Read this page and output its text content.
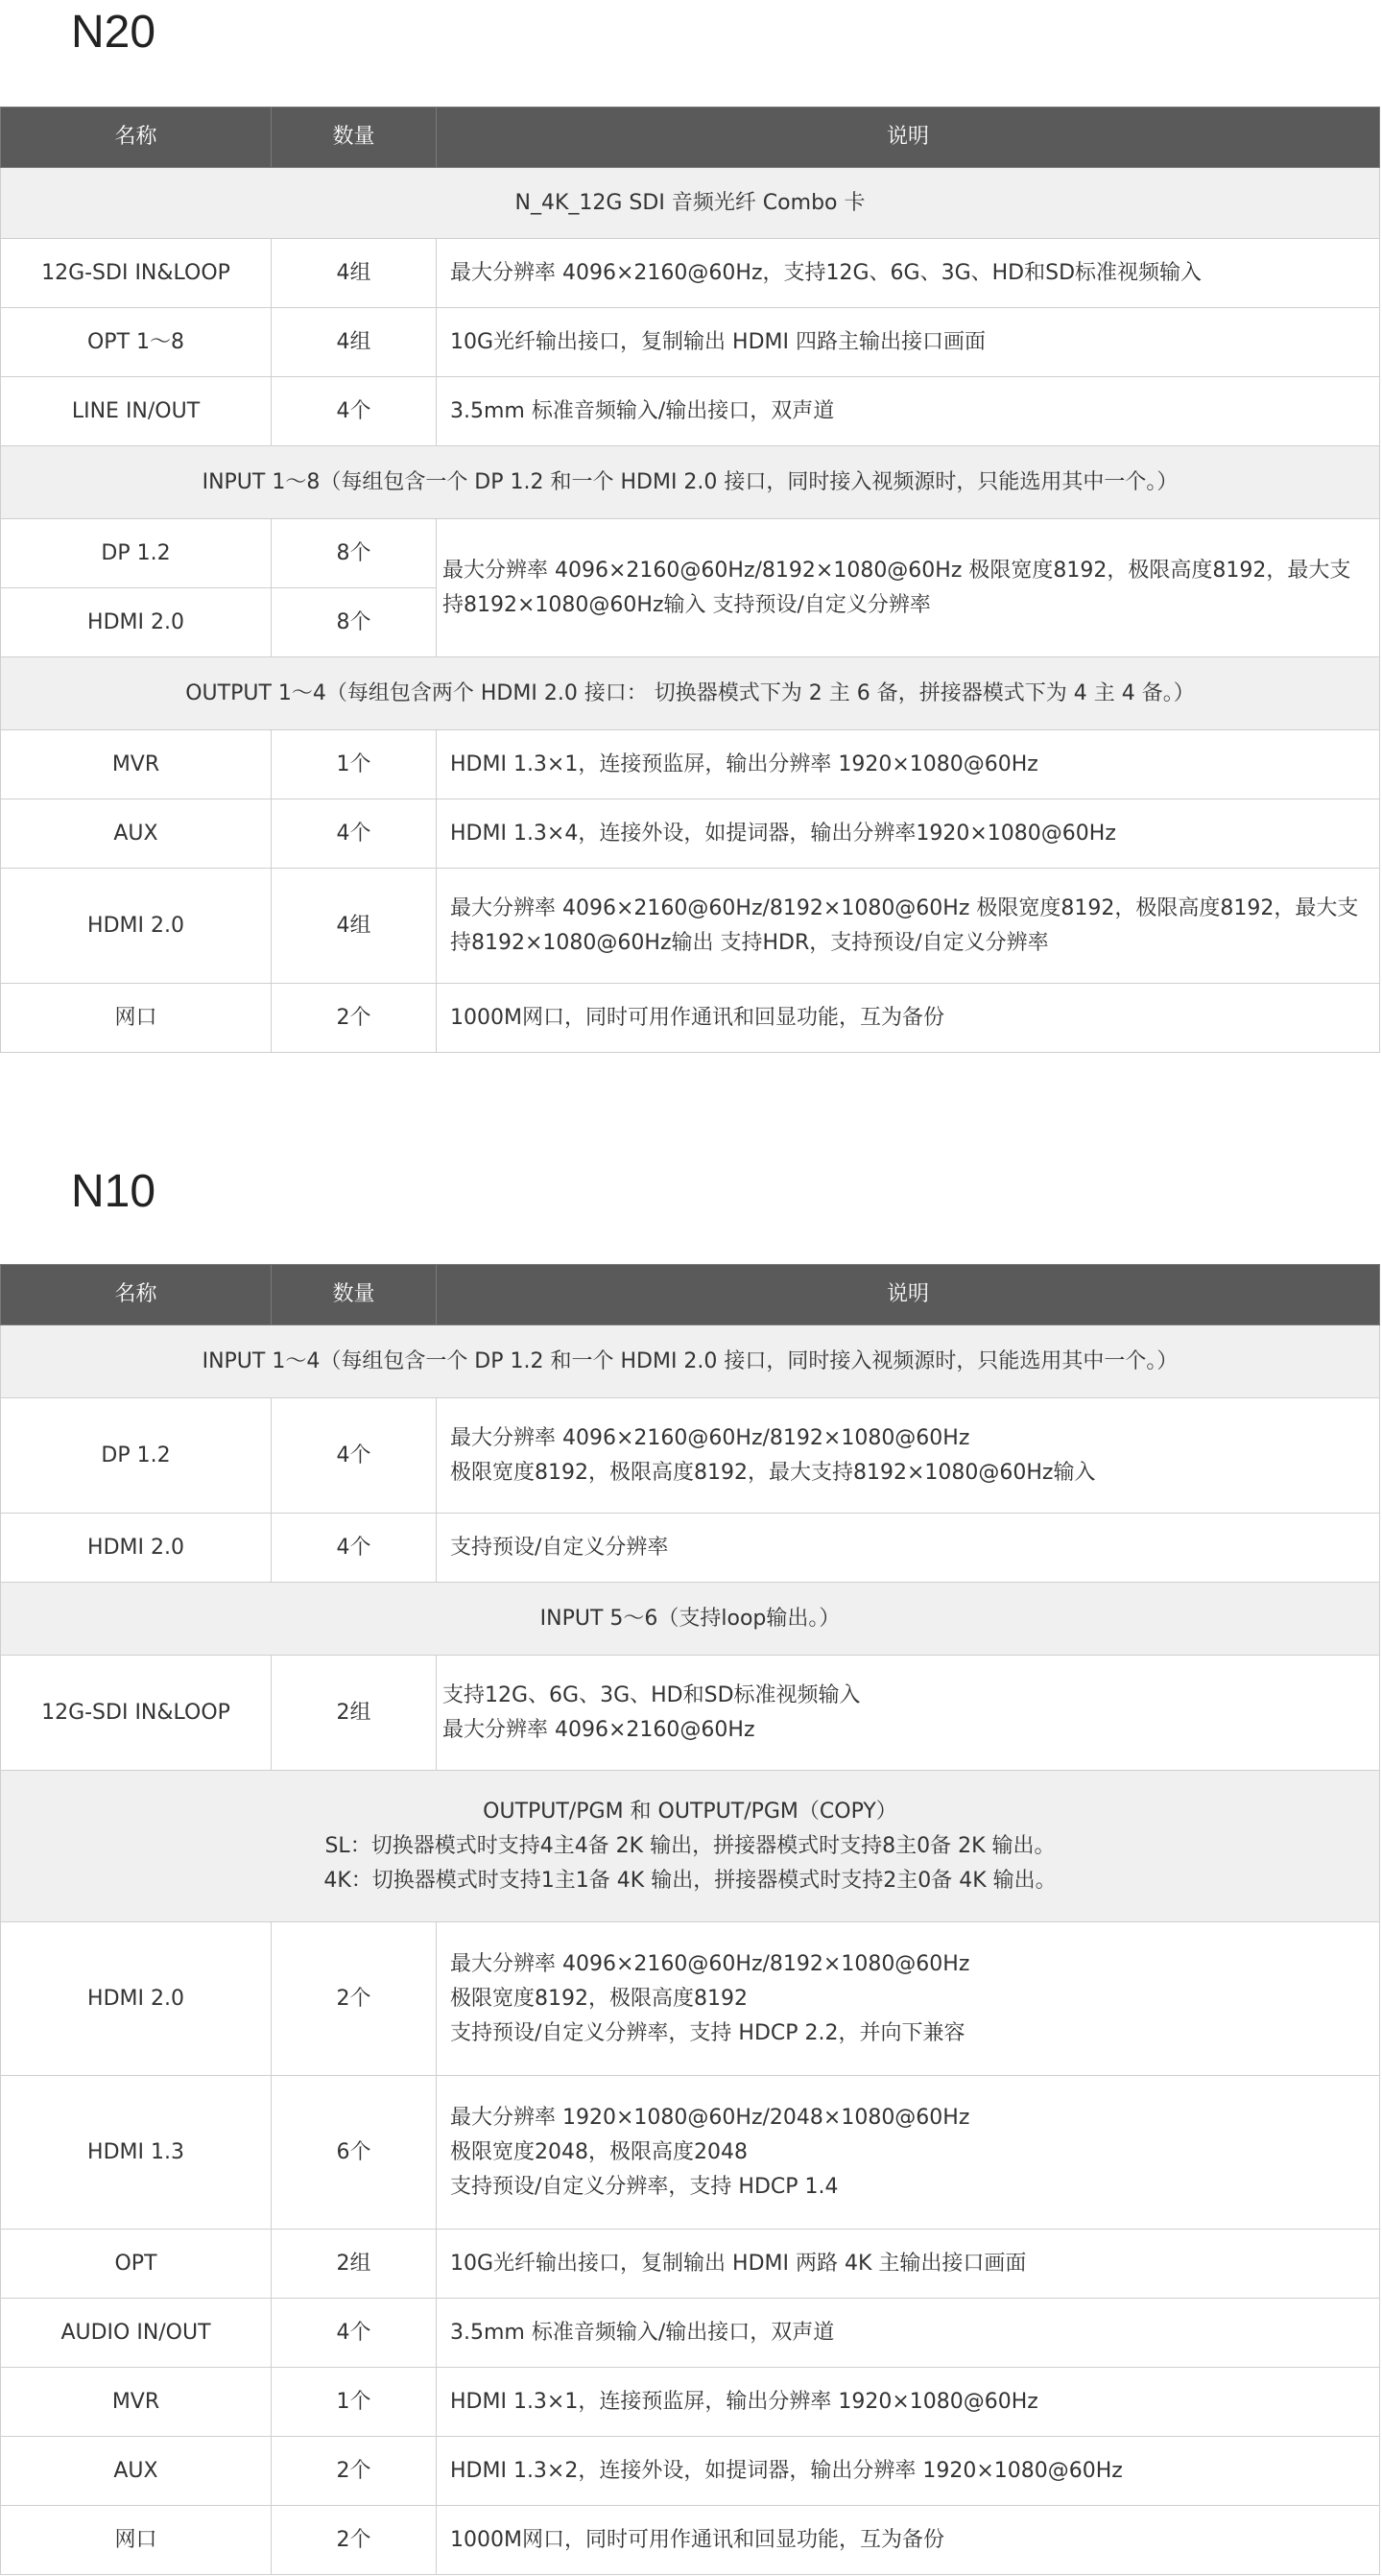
N20
名称	数量	说明
N_4K_12G SDI 音频光纤 Combo 卡		
12G-SDI IN&LOOP	4组	最大分辨率 4096×2160@60Hz，支持12G、6G、3G、HD和SD标准视频输入
OPT 1～8	4组	10G光纤输出接口，复制输出 HDMI 四路主输出接口画面
LINE IN/OUT	4个	3.5mm 标准音频输入/输出接口，双声道
INPUT 1～8（每组包含一个 DP 1.2 和一个 HDMI 2.0 接口，同时接入视频源时，只能选用其中一个。）		
DP 1.2	8个	最大分辨率 4096×2160@60Hz/8192×1080@60Hz 极限宽度8192，极限高度8192，最大支持8192×1080@60Hz输入 支持预设/自定义分辨率
HDMI 2.0	8个	
OUTPUT 1～4（每组包含两个 HDMI 2.0 接口： 切换器模式下为 2 主 6 备，拼接器模式下为 4 主 4 备。）		
MVR	1个	HDMI 1.3×1，连接预监屏，输出分辨率 1920×1080@60Hz
AUX	4个	HDMI 1.3×4，连接外设，如提词器，输出分辨率1920×1080@60Hz
HDMI 2.0	4组	最大分辨率 4096×2160@60Hz/8192×1080@60Hz 极限宽度8192，极限高度8192，最大支持8192×1080@60Hz输出 支持HDR，支持预设/自定义分辨率
网口	2个	1000M网口，同时可用作通讯和回显功能，互为备份
N10
名称	数量	说明
INPUT 1～4（每组包含一个 DP 1.2 和一个 HDMI 2.0 接口，同时接入视频源时，只能选用其中一个。）		
DP 1.2	4个	最大分辨率 4096×2160@60Hz/8192×1080@60Hz
极限宽度8192，极限高度8192，最大支持8192×1080@60Hz输入

HDMI 2.0	4个	支持预设/自定义分辨率

INPUT 5～6（支持loop输出。）		
12G-SDI IN&LOOP	2组	支持12G、6G、3G、HD和SD标准视频输入
最大分辨率 4096×2160@60Hz

OUTPUT/PGM 和 OUTPUT/PGM（COPY）
SL：切换器模式时支持4主4备 2K 输出，拼接器模式时支持8主0备 2K 输出。
4K：切换器模式时支持1主1备 4K 输出，拼接器模式时支持2主0备 4K 输出。		

HDMI 2.0	2个	最大分辨率 4096×2160@60Hz/8192×1080@60Hz
极限宽度8192，极限高度8192
支持预设/自定义分辨率，支持 HDCP 2.2，并向下兼容

HDMI 1.3	6个	最大分辨率 1920×1080@60Hz/2048×1080@60Hz
极限宽度2048，极限高度2048
支持预设/自定义分辨率，支持 HDCP 1.4

OPT	2组	10G光纤输出接口，复制输出 HDMI 两路 4K 主输出接口画面

AUDIO IN/OUT	4个	3.5mm 标准音频输入/输出接口，双声道

MVR	1个	HDMI 1.3×1，连接预监屏，输出分辨率 1920×1080@60Hz

AUX	2个	HDMI 1.3×2，连接外设，如提词器，输出分辨率 1920×1080@60Hz

网口	2个	1000M网口，同时可用作通讯和回显功能，互为备份
